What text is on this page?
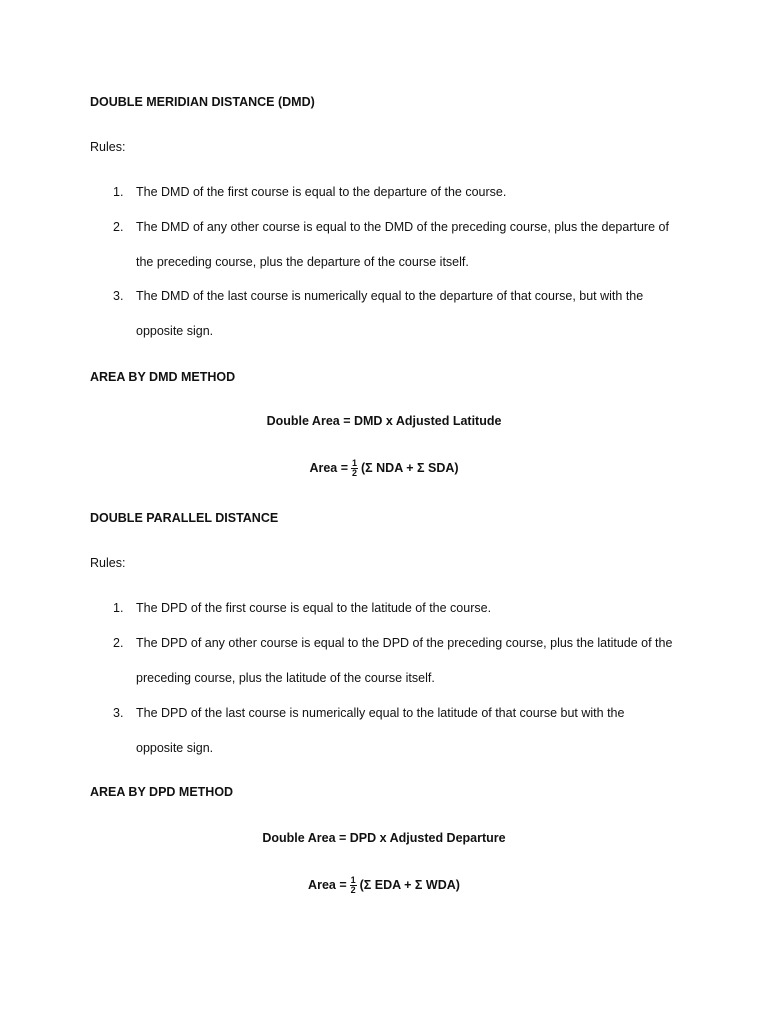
DOUBLE MERIDIAN DISTANCE (DMD)
Rules:
1. The DMD of the first course is equal to the departure of the course.
2. The DMD of any other course is equal to the DMD of the preceding course, plus the departure of
the preceding course, plus the departure of the course itself.
3. The DMD of the last course is numerically equal to the departure of that course, but with the
opposite sign.
AREA BY DMD METHOD
Double Area = DMD x Adjusted Latitude
Area = $\frac{1}{2} (\Sigma$ NDA + Σ SDA)
DOUBLE PARALLEL DISTANCE
Rules:
1. The DPD of the first course is equal to the latitude of the course.
2. The DPD of any other course is equal to the DPD of the preceding course, plus the latitude of the
preceding course, plus the latitude of the course itself.
3. The DPD of the last course is numerically equal to the latitude of that course but with the
opposite sign.
AREA BY DPD METHOD
Double Area = DPD x Adjusted Departure
Area = $\frac{1}{2} (\Sigma$ EDA + Σ WDA)
